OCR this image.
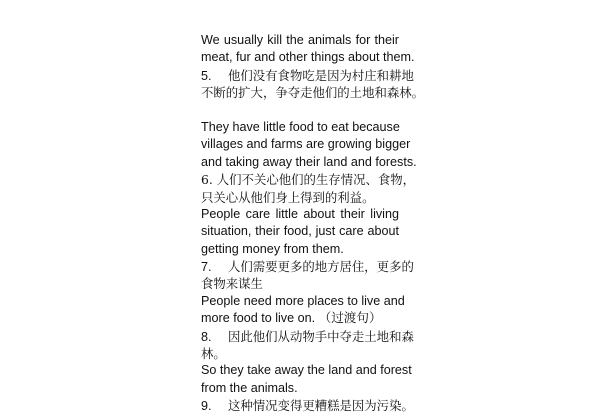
We usually kill the animals for their
meat, fur and other things about them.
5. 他们没有食物吃是因为村庄和耕地
不断的扩大，争夺走他们的土地和森林。
They have little food to eat because
villages and farms are growing bigger
and taking away their land and forests.
6. 人们不关心他们的生存情况、食物，
只关心从他们身上得到的利益。
People care little about their living
situation, their food, just care about
getting money from them.
7. 人们需要更多的地方居住，更多的
食物来谋生
People need more places to live and
more food to live on. （过渡句）
8. 因此他们从动物手中夺走土地和森
林。
So they take away the land and forest
from the animals.
9. 这种情况变得更糟糕是因为污染。
